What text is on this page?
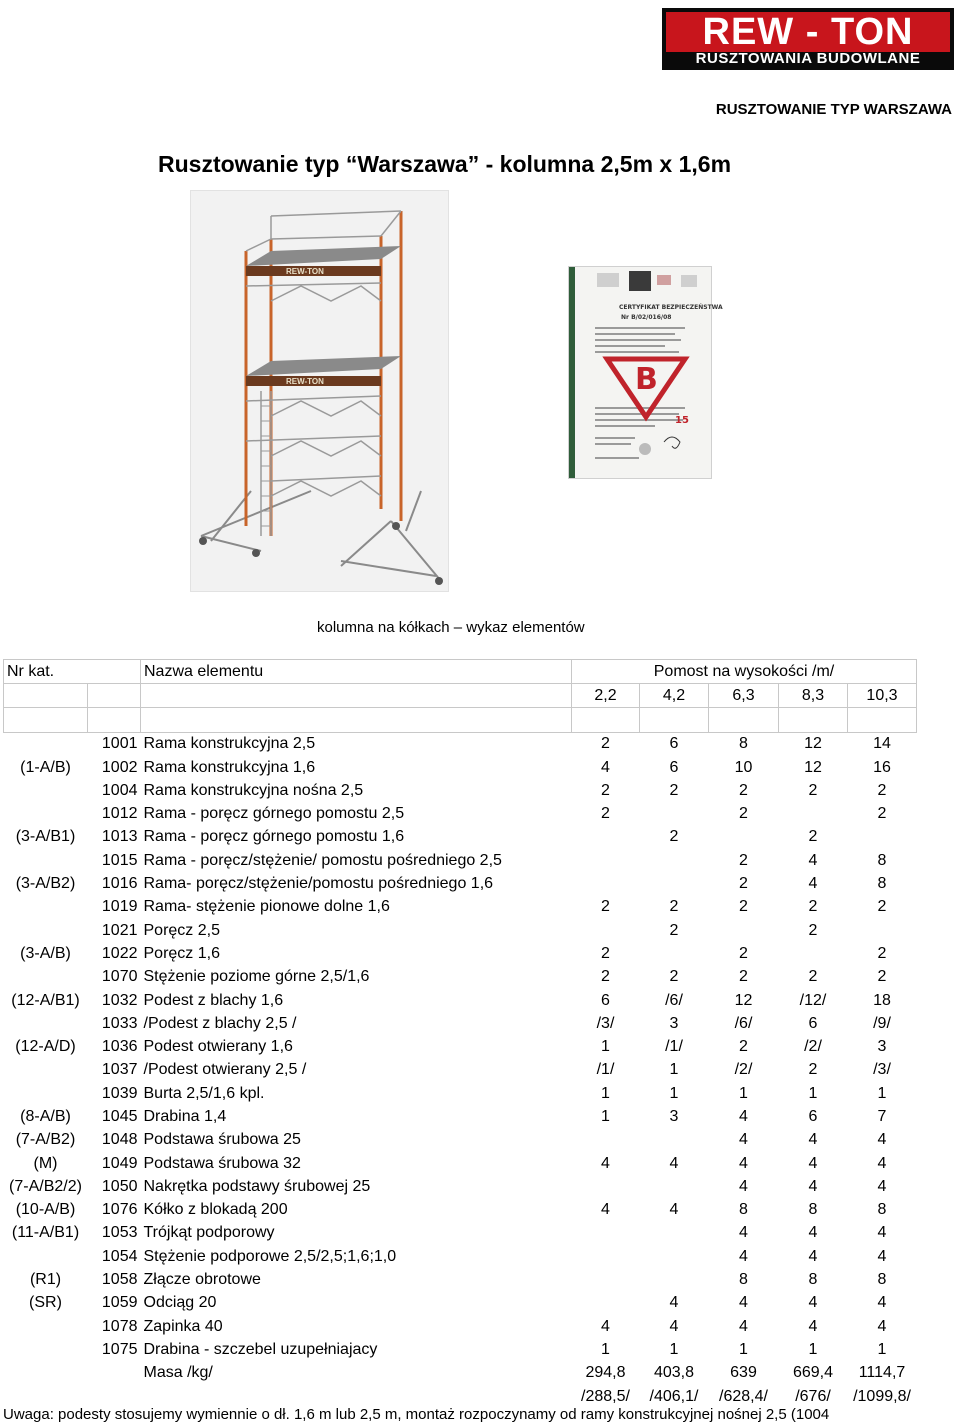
REW - TON
RUSZTOWANIA BUDOWLANE
RUSZTOWANIE TYP WARSZAWA
Rusztowanie typ “Warszawa” - kolumna 2,5m x 1,6m
REW-TON
REW-TON
CERTYFIKAT BEZPIECZEŃSTWA
Nr B/02/016/08
B
15
kolumna na kółkach – wykaz elementów
Nr kat.		Nazwa elementu	Pomost na wysokości /m/				
			2,2	4,2	6,3	8,3	10,3

	1001	Rama konstrukcyjna 2,5	2	6	8	12	14
(1-A/B)	1002	Rama konstrukcyjna 1,6	4	6	10	12	16
	1004	Rama konstrukcyjna nośna 2,5	2	2	2	2	2
	1012	Rama - poręcz górnego pomostu 2,5	2		2		2
(3-A/B1)	1013	Rama - poręcz górnego pomostu 1,6		2		2	
	1015	Rama - poręcz/stężenie/ pomostu pośredniego 2,5			2	4	8
(3-A/B2)	1016	Rama- poręcz/stężenie/pomostu pośredniego 1,6			2	4	8
	1019	Rama- stężenie pionowe dolne 1,6	2	2	2	2	2
	1021	Poręcz 2,5		2		2	
(3-A/B)	1022	Poręcz 1,6	2		2		2
	1070	Stężenie poziome górne 2,5/1,6	2	2	2	2	2
(12-A/B1)	1032	Podest z blachy 1,6	6	/6/	12	/12/	18
	1033	/Podest z blachy 2,5 /	/3/	3	/6/	6	/9/
(12-A/D)	1036	Podest otwierany 1,6	1	/1/	2	/2/	3
	1037	/Podest otwierany 2,5 /	/1/	1	/2/	2	/3/
	1039	Burta 2,5/1,6 kpl.	1	1	1	1	1
(8-A/B)	1045	Drabina 1,4	1	3	4	6	7
(7-A/B2)	1048	Podstawa śrubowa 25			4	4	4
(M)	1049	Podstawa śrubowa 32	4	4	4	4	4
(7-A/B2/2)	1050	Nakrętka podstawy śrubowej 25			4	4	4
(10-A/B)	1076	Kółko z blokadą 200	4	4	8	8	8
(11-A/B1)	1053	Trójkąt podporowy			4	4	4
	1054	Stężenie podporowe 2,5/2,5;1,6;1,0			4	4	4
(R1)	1058	Złącze obrotowe			8	8	8
(SR)	1059	Odciąg 20		4	4	4	4
	1078	Zapinka 40	4	4	4	4	4
	1075	Drabina - szczebel uzupełniajacy	1	1	1	1	1
		Masa /kg/	294,8	403,8	639	669,4	1114,7
			/288,5/	/406,1/	/628,4/	/676/	/1099,8/
Uwaga: podesty stosujemy wymiennie o dł. 1,6 m lub 2,5 m, montaż rozpoczynamy od ramy konstrukcyjnej nośnej 2,5 (1004
